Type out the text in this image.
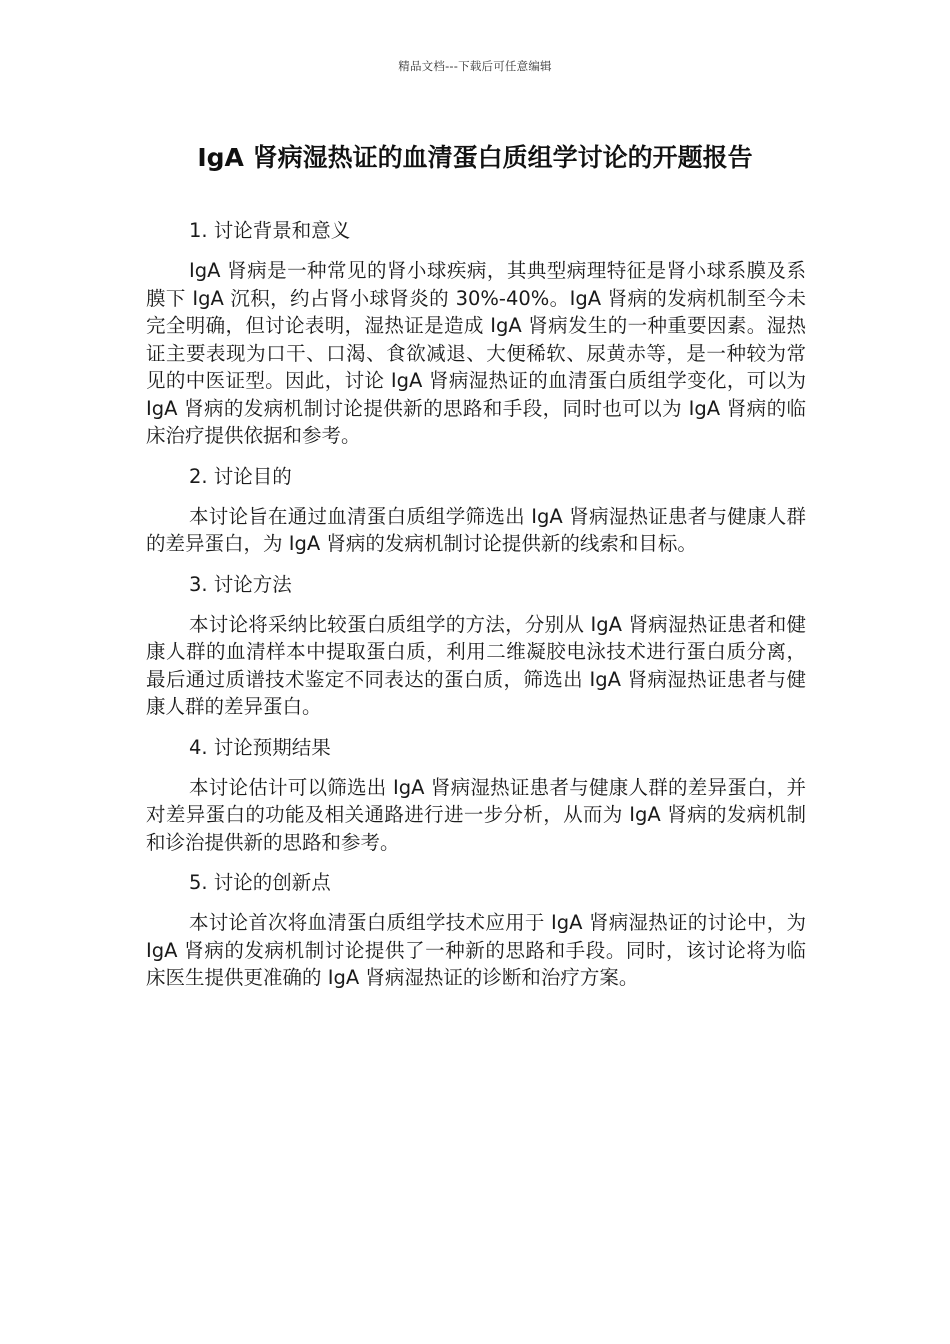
精品文档---下载后可任意编辑
IgA 肾病湿热证的血清蛋白质组学讨论的开题报告

1. 讨论背景和意义

IgA 肾病是一种常见的肾小球疾病，其典型病理特征是肾小球系膜及系膜下 IgA 沉积，约占肾小球肾炎的 30%-40%。IgA 肾病的发病机制至今未完全明确，但讨论表明，湿热证是造成 IgA 肾病发生的一种重要因素。湿热证主要表现为口干、口渴、食欲减退、大便稀软、尿黄赤等，是一种较为常见的中医证型。因此，讨论 IgA 肾病湿热证的血清蛋白质组学变化，可以为 IgA 肾病的发病机制讨论提供新的思路和手段，同时也可以为 IgA 肾病的临床治疗提供依据和参考。

2. 讨论目的

本讨论旨在通过血清蛋白质组学筛选出 IgA 肾病湿热证患者与健康人群的差异蛋白，为 IgA 肾病的发病机制讨论提供新的线索和目标。

3. 讨论方法

本讨论将采纳比较蛋白质组学的方法，分别从 IgA 肾病湿热证患者和健康人群的血清样本中提取蛋白质，利用二维凝胶电泳技术进行蛋白质分离，最后通过质谱技术鉴定不同表达的蛋白质，筛选出 IgA 肾病湿热证患者与健康人群的差异蛋白。

4. 讨论预期结果

本讨论估计可以筛选出 IgA 肾病湿热证患者与健康人群的差异蛋白，并对差异蛋白的功能及相关通路进行进一步分析，从而为 IgA 肾病的发病机制和诊治提供新的思路和参考。

5. 讨论的创新点

本讨论首次将血清蛋白质组学技术应用于 IgA 肾病湿热证的讨论中，为 IgA 肾病的发病机制讨论提供了一种新的思路和手段。同时，该讨论将为临床医生提供更准确的 IgA 肾病湿热证的诊断和治疗方案。
